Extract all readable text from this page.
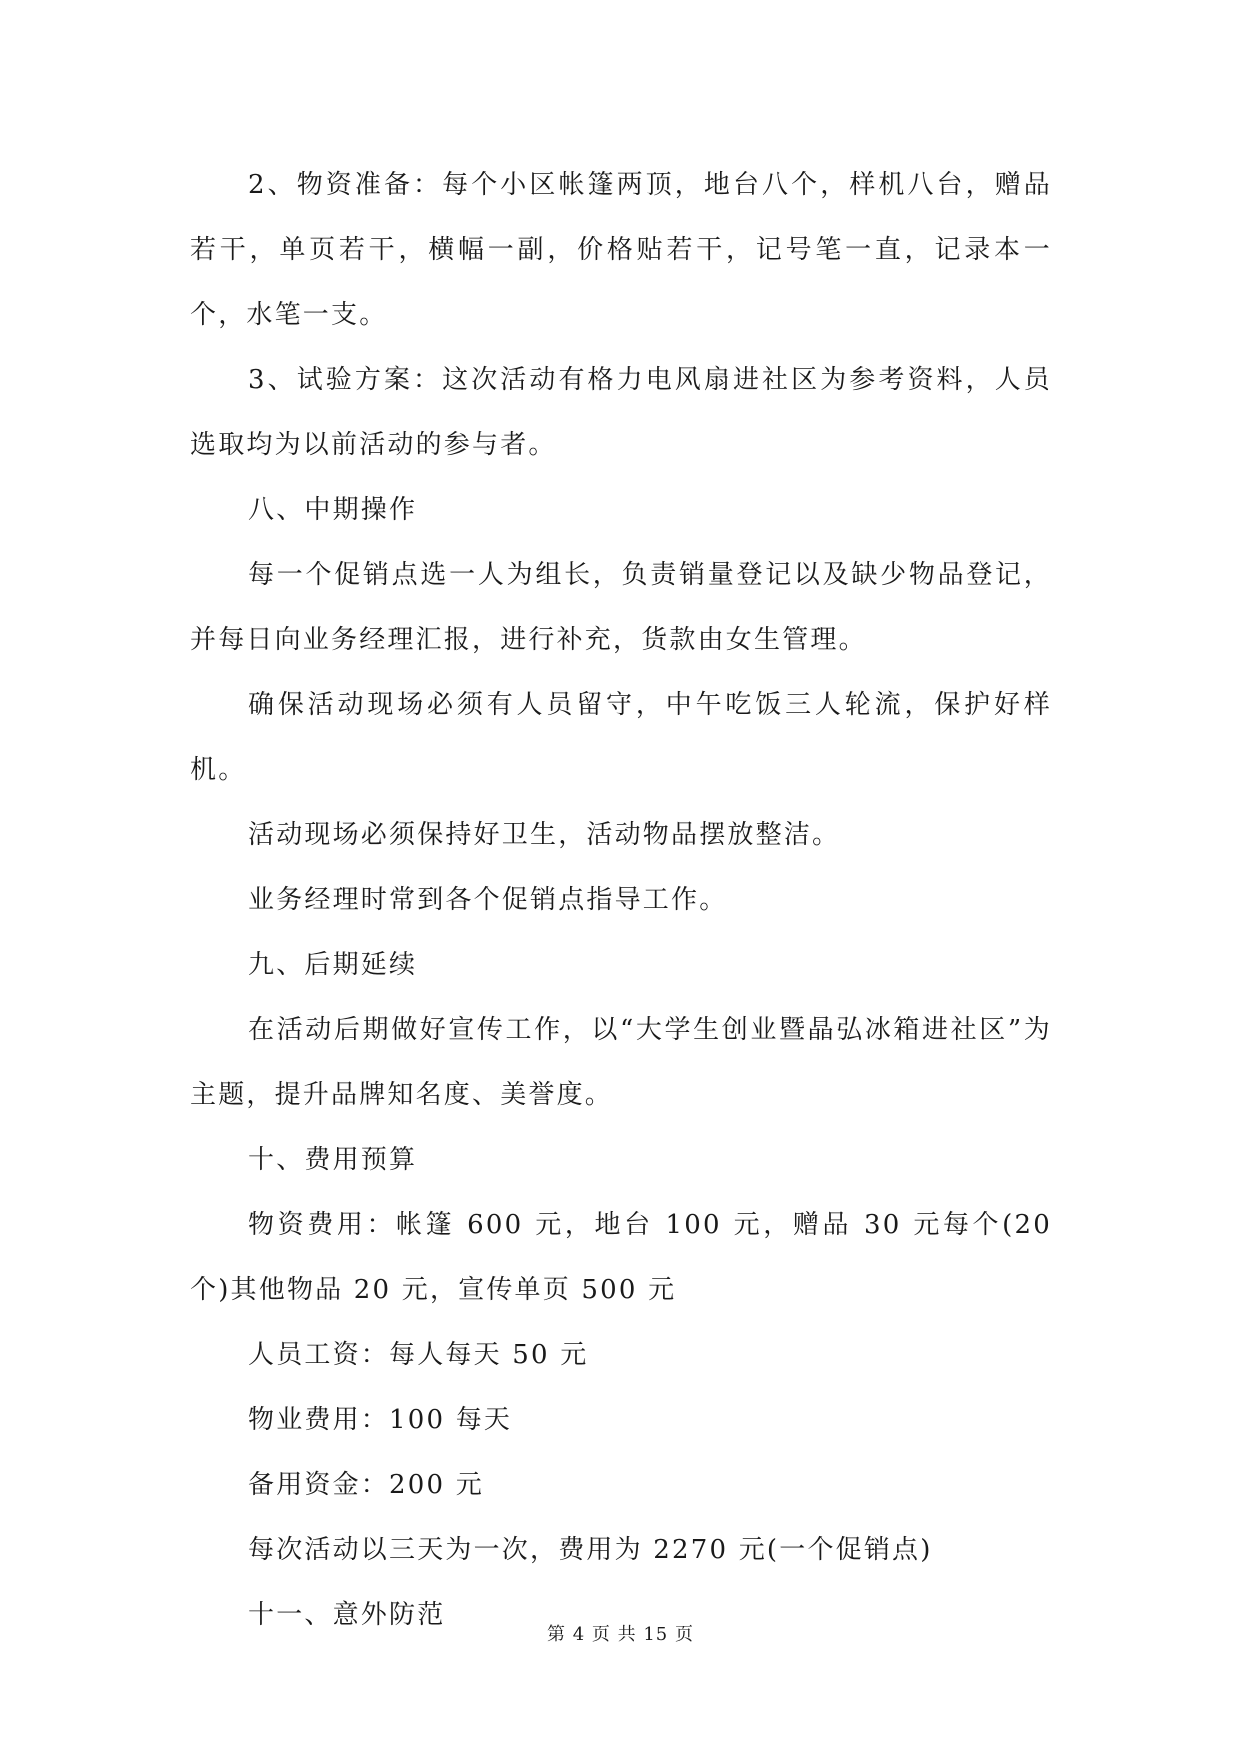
2、物资准备：每个小区帐篷两顶，地台八个，样机八台，赠品若干，单页若干，横幅一副，价格贴若干，记号笔一直，记录本一个，水笔一支。

3、试验方案：这次活动有格力电风扇进社区为参考资料，人员选取均为以前活动的参与者。

八、中期操作

每一个促销点选一人为组长，负责销量登记以及缺少物品登记，并每日向业务经理汇报，进行补充，货款由女生管理。

确保活动现场必须有人员留守，中午吃饭三人轮流，保护好样机。

活动现场必须保持好卫生，活动物品摆放整洁。

业务经理时常到各个促销点指导工作。

九、后期延续

在活动后期做好宣传工作，以“大学生创业暨晶弘冰箱进社区”为主题，提升品牌知名度、美誉度。

十、费用预算

物资费用：帐篷 600 元，地台 100 元，赠品 30 元每个(20 个)其他物品 20 元，宣传单页 500 元

人员工资：每人每天 50 元

物业费用：100 每天

备用资金：200 元

每次活动以三天为一次，费用为 2270 元(一个促销点)

十一、意外防范

第 4 页 共 15 页
